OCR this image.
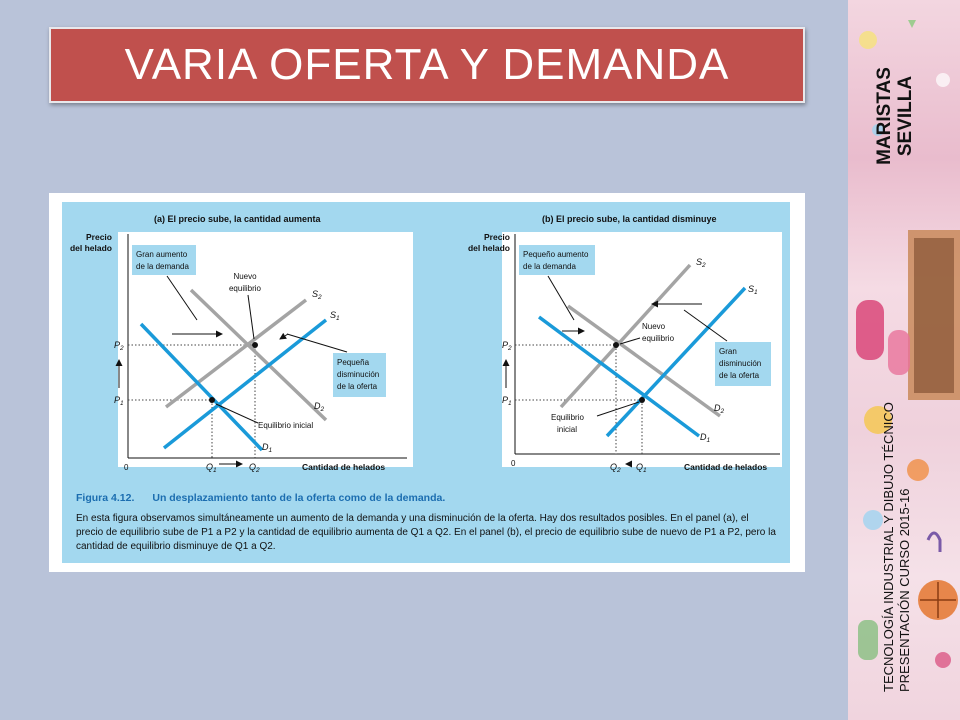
VARIA OFERTA Y DEMANDA
MARISTAS SEVILLA
TECNOLOGÍA INDUSTRIAL Y DIBUJO TÉCNICO PRESENTACIÓN CURSO 2015-16
(a) El precio sube, la cantidad aumenta
Precio
del helado
0	Cantidad de helados
$S_2$
$S_1$
$D_2$
$D_1$
$P_2$
$P_1$
$Q_1$	$Q_2$
Gran aumento
de la demanda
Nuevo
equilibrio
Pequeña
disminución
de la oferta
Equilibrio inicial
(b) El precio sube, la cantidad disminuye
Precio
del helado
0	Cantidad de helados
$S_2$
$S_1$
$D_2$
$D_1$
$P_2$
$P_1$
$Q_2$ $Q_1$
Pequeño aumento
de la demanda
Nuevo
equilibrio
Gran
disminución
de la oferta
Equilibrio
inicial
Figura 4.12. Un desplazamiento tanto de la oferta como de la demanda.
En esta figura observamos simultáneamente un aumento de la demanda y una disminución de la oferta. Hay dos resultados posibles. En el panel (a), el precio de equilibrio sube de P1 a P2 y la cantidad de equilibrio aumenta de Q1 a Q2. En el panel (b), el precio de equilibrio sube de nuevo de P1 a P2, pero la cantidad de equilibrio disminuye de Q1 a Q2.
